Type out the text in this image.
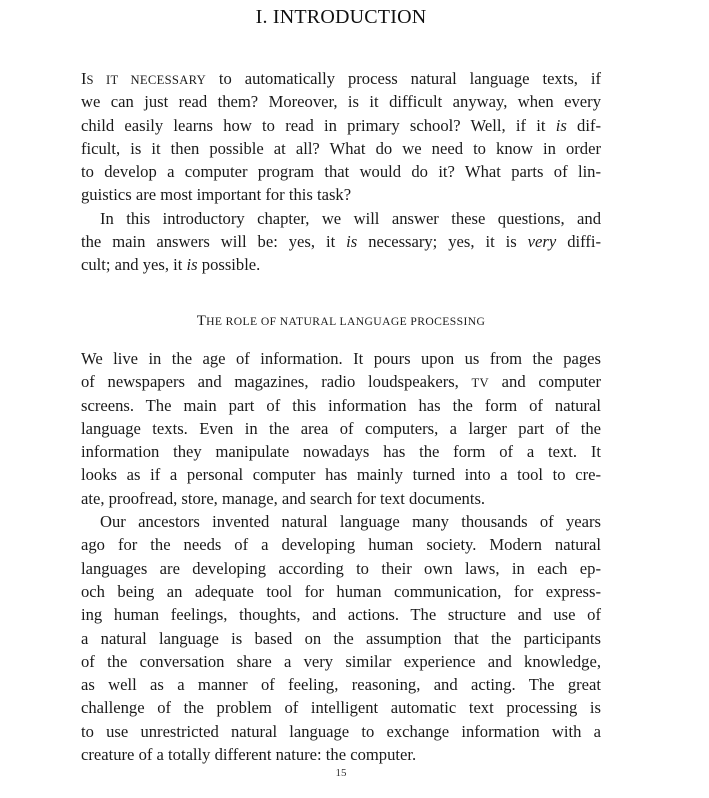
I. INTRODUCTION
IS IT NECESSARY to automatically process natural language texts, if
we can just read them? Moreover, is it difficult anyway, when every
child easily learns how to read in primary school? Well, if it is dif-
ficult, is it then possible at all? What do we need to know in order
to develop a computer program that would do it? What parts of lin-
guistics are most important for this task?
In this introductory chapter, we will answer these questions, and
the main answers will be: yes, it is necessary; yes, it is very diffi-
cult; and yes, it is possible.
THE ROLE OF NATURAL LANGUAGE PROCESSING
We live in the age of information. It pours upon us from the pages
of newspapers and magazines, radio loudspeakers, TV and computer
screens. The main part of this information has the form of natural
language texts. Even in the area of computers, a larger part of the
information they manipulate nowadays has the form of a text. It
looks as if a personal computer has mainly turned into a tool to cre-
ate, proofread, store, manage, and search for text documents.
Our ancestors invented natural language many thousands of years
ago for the needs of a developing human society. Modern natural
languages are developing according to their own laws, in each ep-
och being an adequate tool for human communication, for express-
ing human feelings, thoughts, and actions. The structure and use of
a natural language is based on the assumption that the participants
of the conversation share a very similar experience and knowledge,
as well as a manner of feeling, reasoning, and acting. The great
challenge of the problem of intelligent automatic text processing is
to use unrestricted natural language to exchange information with a
creature of a totally different nature: the computer.
15
